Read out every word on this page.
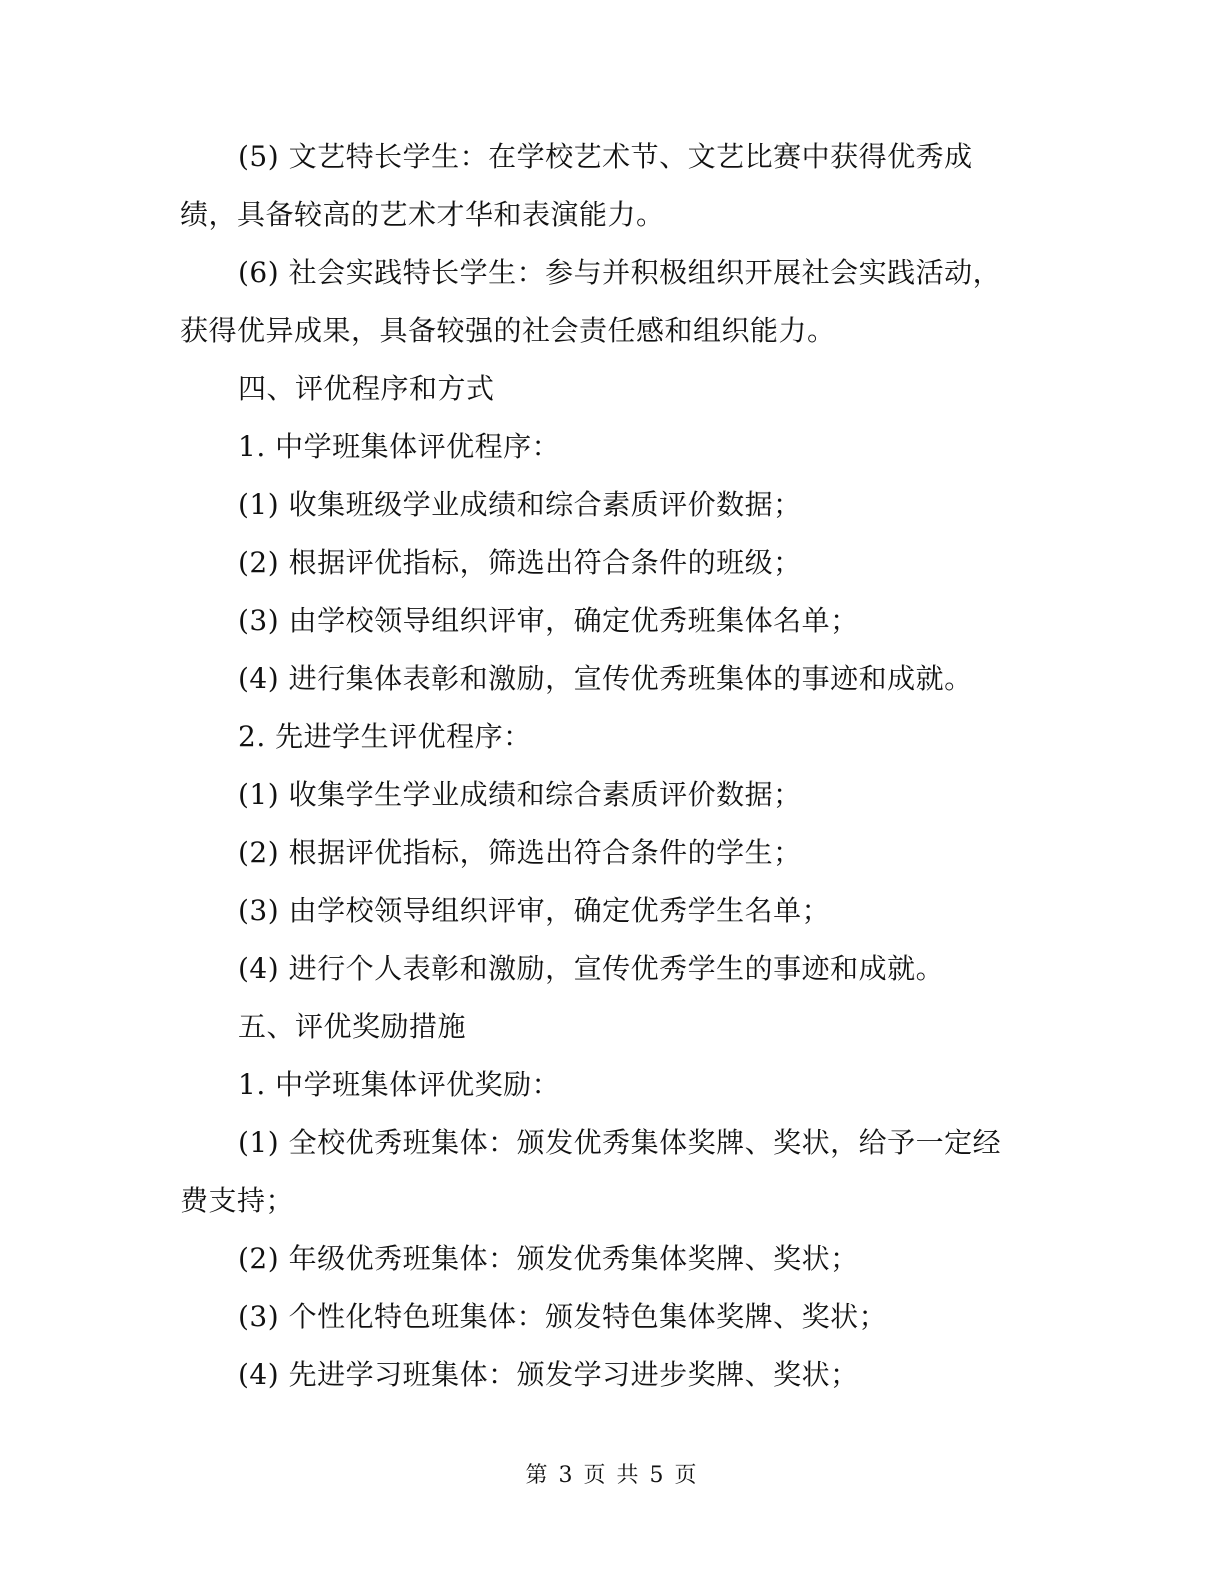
(5) 文艺特长学生：在学校艺术节、文艺比赛中获得优秀成绩，具备较高的艺术才华和表演能力。

(6) 社会实践特长学生：参与并积极组织开展社会实践活动，获得优异成果，具备较强的社会责任感和组织能力。

四、评优程序和方式

1. 中学班集体评优程序：

(1) 收集班级学业成绩和综合素质评价数据；

(2) 根据评优指标，筛选出符合条件的班级；

(3) 由学校领导组织评审，确定优秀班集体名单；

(4) 进行集体表彰和激励，宣传优秀班集体的事迹和成就。

2. 先进学生评优程序：

(1) 收集学生学业成绩和综合素质评价数据；

(2) 根据评优指标，筛选出符合条件的学生；

(3) 由学校领导组织评审，确定优秀学生名单；

(4) 进行个人表彰和激励，宣传优秀学生的事迹和成就。

五、评优奖励措施

1. 中学班集体评优奖励：

(1) 全校优秀班集体：颁发优秀集体奖牌、奖状，给予一定经费支持；

(2) 年级优秀班集体：颁发优秀集体奖牌、奖状；

(3) 个性化特色班集体：颁发特色集体奖牌、奖状；

(4) 先进学习班集体：颁发学习进步奖牌、奖状；

第 3 页 共 5 页
